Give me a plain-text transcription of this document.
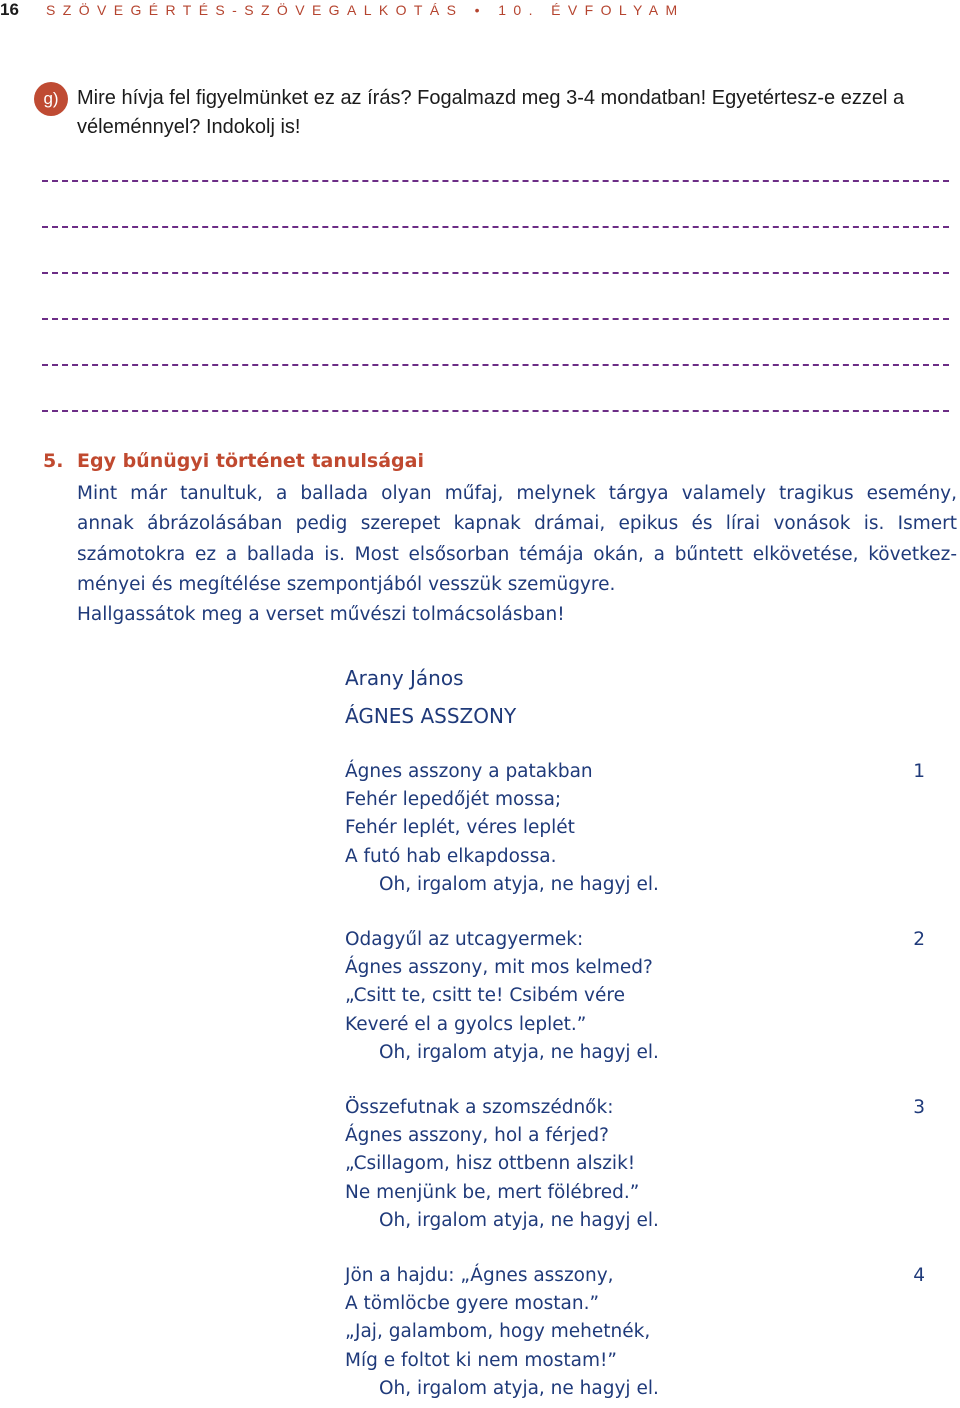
16 SZÖVEGÉRTÉS-SZÖVEGALKOTÁS • 10. ÉVFOLYAM
g) Mire hívja fel figyelmünket ez az írás? Fogalmazd meg 3-4 mondatban! Egyetértesz-e ezzel a véleménnyel? Indokolj is!
5. Egy bűnügyi történet tanulságai
Mint már tanultuk, a ballada olyan műfaj, melynek tárgya valamely tragikus esemény,
annak ábrázolásában pedig szerepet kapnak drámai, epikus és lírai vonások is. Ismert
számotokra ez a ballada is. Most elsősorban témája okán, a bűntett elkövetése, következ-
ményei és megítélése szempontjából vesszük szemügyre.
Hallgassátok meg a verset művészi tolmácsolásban!
Arany János
ÁGNES ASSZONY
1
Ágnes asszony a patakban
Fehér lepedőjét mossa;
Fehér leplét, véres leplét
A futó hab elkapdossa.
Oh, irgalom atyja, ne hagyj el.
2
Odagyűl az utcagyermek:
Ágnes asszony, mit mos kelmed?
„Csitt te, csitt te! Csibém vére
Keveré el a gyolcs leplet.”
Oh, irgalom atyja, ne hagyj el.
3
Összefutnak a szomszédnők:
Ágnes asszony, hol a férjed?
„Csillagom, hisz ottbenn alszik!
Ne menjünk be, mert fölébred.”
Oh, irgalom atyja, ne hagyj el.
4
Jön a hajdu: „Ágnes asszony,
A tömlöcbe gyere mostan.”
„Jaj, galambom, hogy mehetnék,
Míg e foltot ki nem mostam!”
Oh, irgalom atyja, ne hagyj el.
